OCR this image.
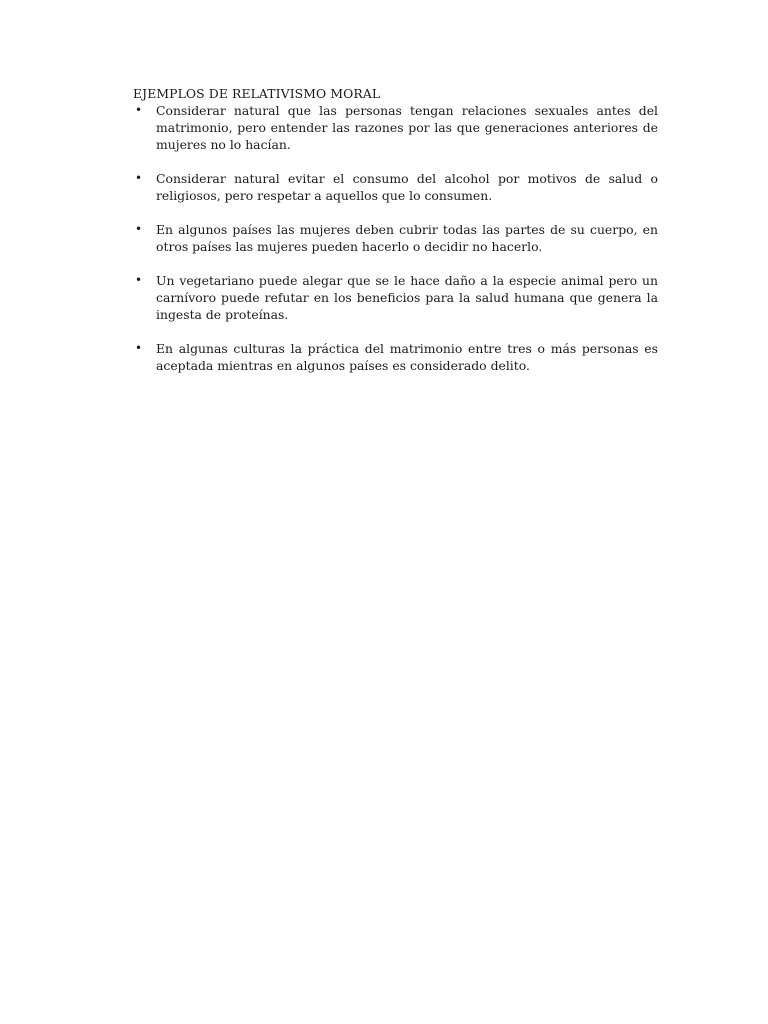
EJEMPLOS DE RELATIVISMO MORAL
• Considerar natural que las personas tengan relaciones sexuales antes del matrimonio, pero entender las razones por las que generaciones anteriores de mujeres no lo hacían.
• Considerar natural evitar el consumo del alcohol por motivos de salud o religiosos, pero respetar a aquellos que lo consumen.
• En algunos países las mujeres deben cubrir todas las partes de su cuerpo, en otros países las mujeres pueden hacerlo o decidir no hacerlo.
• Un vegetariano puede alegar que se le hace daño a la especie animal pero un carnívoro puede refutar en los beneficios para la salud humana que genera la ingesta de proteínas.
• En algunas culturas la práctica del matrimonio entre tres o más personas es aceptada mientras en algunos países es considerado delito.
